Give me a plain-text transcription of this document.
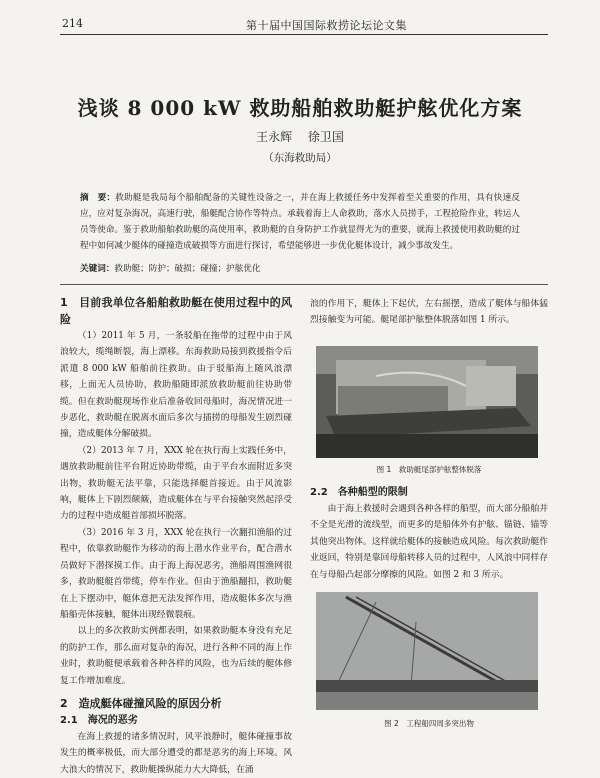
214	第十届中国国际救捞论坛论文集
浅谈 8 000 kW 救助船舶救助艇护舷优化方案
王永辉 徐卫国
（东海救助局）
摘　要：救助艇是我局每个船舶配备的关键性设备之一，并在海上救援任务中发挥着至关重要的作用，具有快速反应，应对复杂海况，高速行驶，船艇配合协作等特点。承载着海上人命救助，落水人员捞手，工程抢险作业，转运人员等使命。鉴于救助船舶救助艇的高使用率，救助艇的自身防护工作就显得尤为的重要，就海上救援使用救助艇的过程中如何减少艇体的碰撞造成破损等方面进行探讨，希望能够进一步优化艇体设计，减少事故发生。
关键词：救助艇；防护；破损；碰撞；护舷优化
1　目前我单位各船舶救助艇在使用过程中的风险

（1）2011 年 5 月，一条驳船在拖带的过程中由于风浪较大，缆绳断裂，海上漂移。东海救助局接到救援指令后派遣 8 000 kW 船舶前往救助。由于驳船海上随风浪漂移，上面无人员协助，救助船随即派放救助艇前往协助带缆。但在救助艇现场作业后准备收回母船时，海况情况进一步恶化，救助艇在脱离水面后多次与插捞的母船发生剧烈碰撞，造成艇体分解破损。

（2）2013 年 7 月，XXX 轮在执行海上实践任务中，遇放救助艇前往平台附近协助带缆，由于平台水面附近多突出物，救助艇无法平靠，只能选择艇首接近。由于风流影响，艇体上下剧烈颠簸，造成艇体在与平台接触突然起浮受力的过程中造成艇首部损坏脱落。

（3）2016 年 3 月，XXX 轮在执行一次翻扣渔船的过程中，依靠救助艇作为移动的海上潜水作业平台，配合潜水员做好下潜探摸工作。由于海上海况恶劣，渔船周围渔网很多，救助艇艇首带缆，停车作业。但由于渔船翻扣，救助艇在上下摆动中，艇体意把无法发挥作用，造成艇体多次与渔船船壳体接触，艇体出现经微裂痕。

以上的多次救助实例都表明，如果救助艇本身没有充足的防护工作，那么面对复杂的海况，进行各种不同的海上作业时，救助艇便承载着各种各样的风险，也为后续的艇体修复工作增加难度。

2　造成艇体碰撞风险的原因分析
2.1　海况的恶劣

在海上救援的诸多情况时，风平浪静时，艇体碰撞事故发生的概率极低，而大部分遭受的都是恶劣的海上环境。风大浪大的情况下，救助艇操纵能力大大降低，在涌

浪的作用下，艇体上下起伏，左右摇摆，造成了艇体与船体猛烈接触变为可能。艇尾部护舷整体脱落如图 1 所示。

图 1　救助艇尾部护舷整体脱落
2.2　各种船型的限制

由于海上救援时会遇到各种各样的船型，而大部分船舶并不全是光滑的流线型，而更多的是船体外有护舷、锚链、锚等其他突出物体。这样就给艇体的接触造成风险。每次救助艇作业返回，特别是靠回母船转移人员的过程中，人风浪中同样存在与母船凸起部分摩擦的风险。如图 2 和 3 所示。

图 2　工程船四周多突出物
